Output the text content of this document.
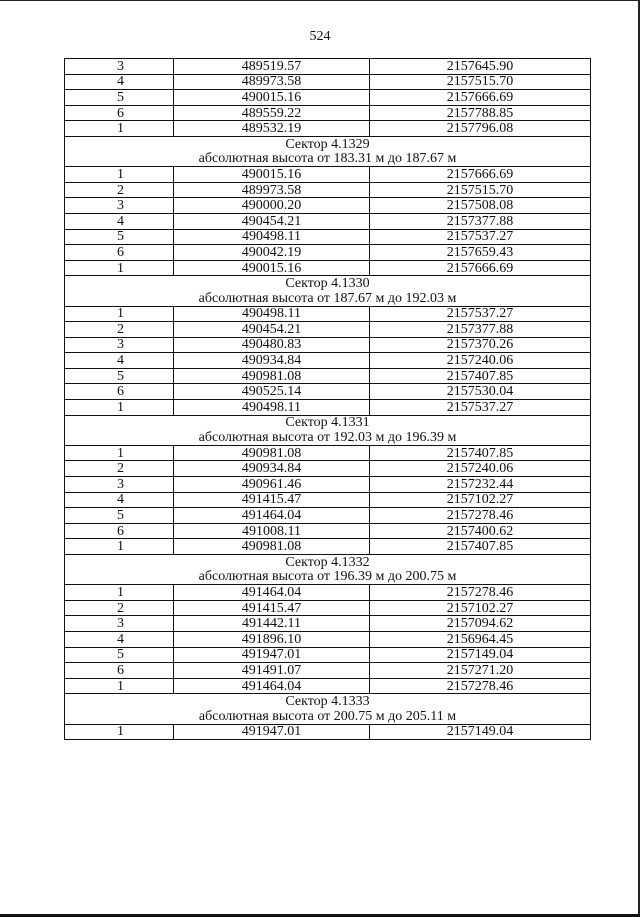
524
3	489519.57	2157645.90
4	489973.58	2157515.70
5	490015.16	2157666.69
6	489559.22	2157788.85
1	489532.19	2157796.08
Сектор 4.1329		
абсолютная высота от 183.31 м до 187.67 м		
1	490015.16	2157666.69
2	489973.58	2157515.70
3	490000.20	2157508.08
4	490454.21	2157377.88
5	490498.11	2157537.27
6	490042.19	2157659.43
1	490015.16	2157666.69
Сектор 4.1330		
абсолютная высота от 187.67 м до 192.03 м		
1	490498.11	2157537.27
2	490454.21	2157377.88
3	490480.83	2157370.26
4	490934.84	2157240.06
5	490981.08	2157407.85
6	490525.14	2157530.04
1	490498.11	2157537.27
Сектор 4.1331		
абсолютная высота от 192.03 м до 196.39 м		
1	490981.08	2157407.85
2	490934.84	2157240.06
3	490961.46	2157232.44
4	491415.47	2157102.27
5	491464.04	2157278.46
6	491008.11	2157400.62
1	490981.08	2157407.85
Сектор 4.1332		
абсолютная высота от 196.39 м до 200.75 м		
1	491464.04	2157278.46
2	491415.47	2157102.27
3	491442.11	2157094.62
4	491896.10	2156964.45
5	491947.01	2157149.04
6	491491.07	2157271.20
1	491464.04	2157278.46
Сектор 4.1333		
абсолютная высота от 200.75 м до 205.11 м		
1	491947.01	2157149.04
